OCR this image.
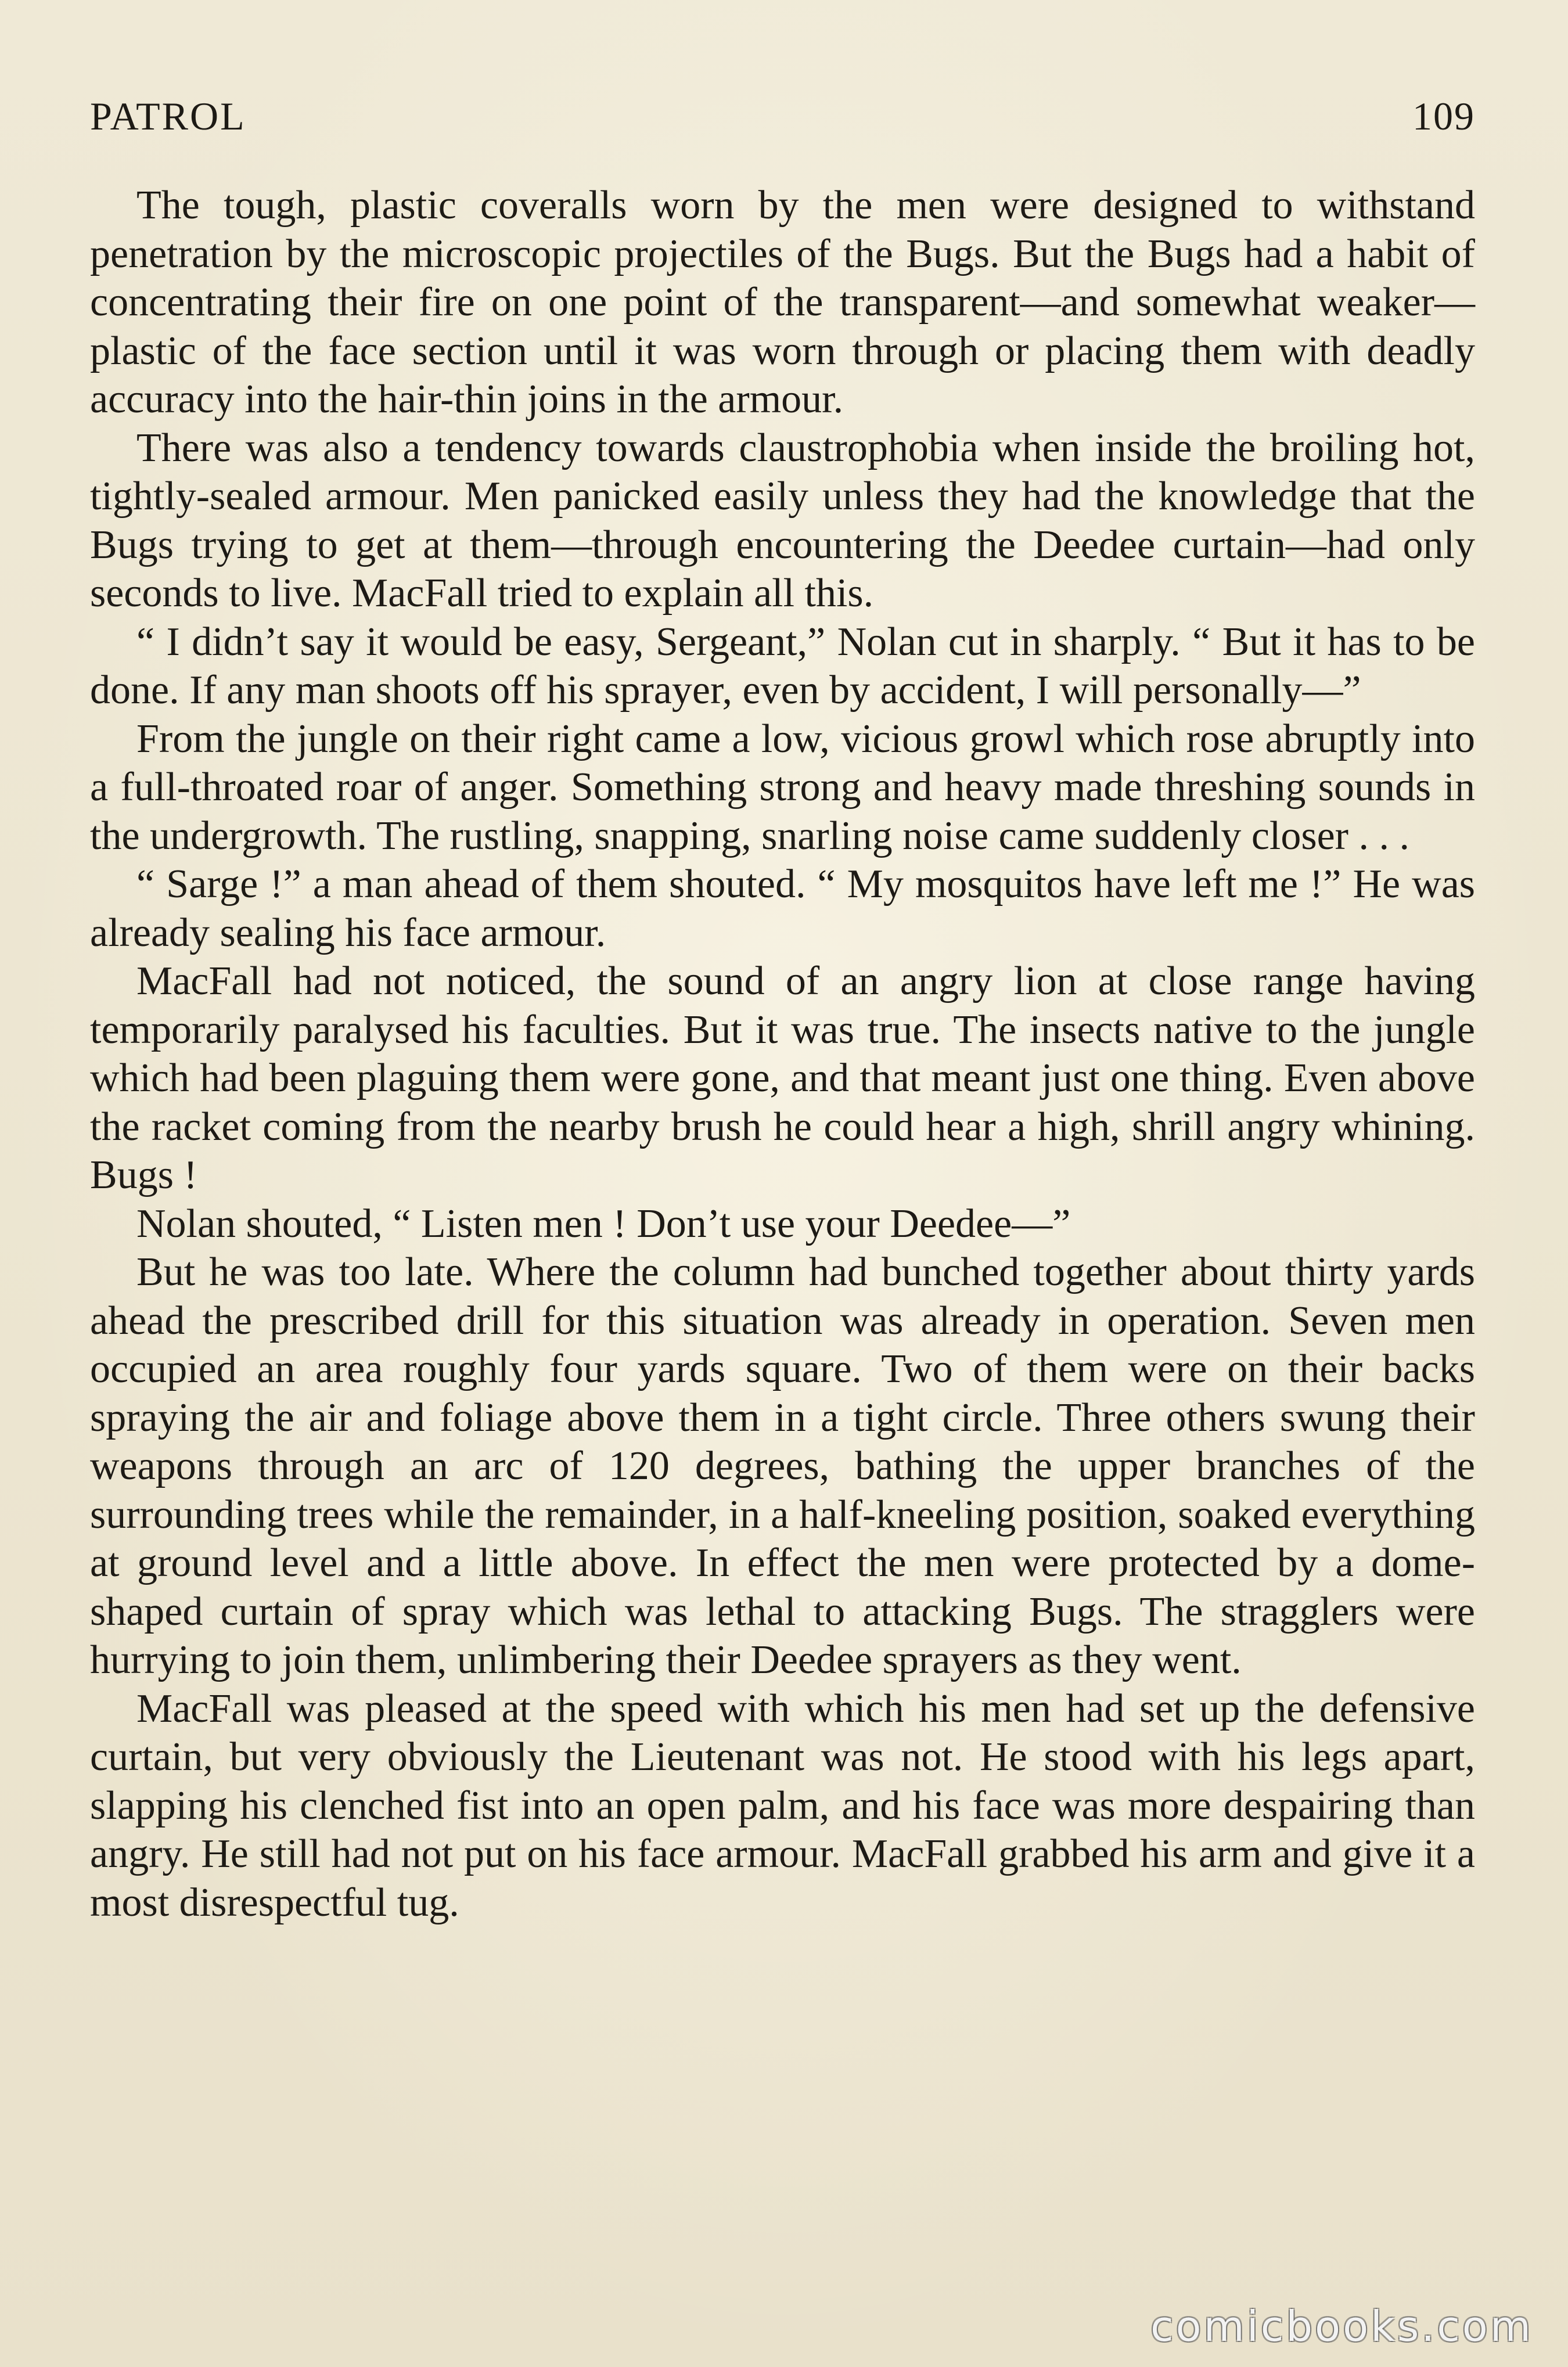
PATROL	109

The tough, plastic coveralls worn by the men were designed to withstand penetration by the microscopic projectiles of the Bugs. But the Bugs had a habit of concentrating their fire on one point of the transparent—and somewhat weaker—plastic of the face section until it was worn through or placing them with deadly accuracy into the hair-thin joins in the armour.

There was also a tendency towards claustrophobia when inside the broiling hot, tightly-sealed armour. Men panicked easily unless they had the knowledge that the Bugs trying to get at them—through encountering the Deedee curtain—had only seconds to live. MacFall tried to explain all this.

“ I didn’t say it would be easy, Sergeant,” Nolan cut in sharply. “ But it has to be done. If any man shoots off his sprayer, even by accident, I will personally—”

From the jungle on their right came a low, vicious growl which rose abruptly into a full-throated roar of anger. Something strong and heavy made threshing sounds in the undergrowth. The rustling, snapping, snarling noise came suddenly closer . . .

“ Sarge !” a man ahead of them shouted. “ My mosquitos have left me !” He was already sealing his face armour.

MacFall had not noticed, the sound of an angry lion at close range having temporarily paralysed his faculties. But it was true. The insects native to the jungle which had been plaguing them were gone, and that meant just one thing. Even above the racket coming from the nearby brush he could hear a high, shrill angry whining. Bugs !

Nolan shouted, “ Listen men ! Don’t use your Deedee—”

But he was too late. Where the column had bunched together about thirty yards ahead the prescribed drill for this situation was already in operation. Seven men occupied an area roughly four yards square. Two of them were on their backs spraying the air and foliage above them in a tight circle. Three others swung their weapons through an arc of 120 degrees, bathing the upper branches of the surrounding trees while the remainder, in a half-kneeling position, soaked everything at ground level and a little above. In effect the men were protected by a dome-shaped curtain of spray which was lethal to attacking Bugs. The stragglers were hurrying to join them, unlimbering their Deedee sprayers as they went.

MacFall was pleased at the speed with which his men had set up the defensive curtain, but very obviously the Lieutenant was not. He stood with his legs apart, slapping his clenched fist into an open palm, and his face was more despairing than angry. He still had not put on his face armour. MacFall grabbed his arm and give it a most disrespectful tug.

comicbooks.com
